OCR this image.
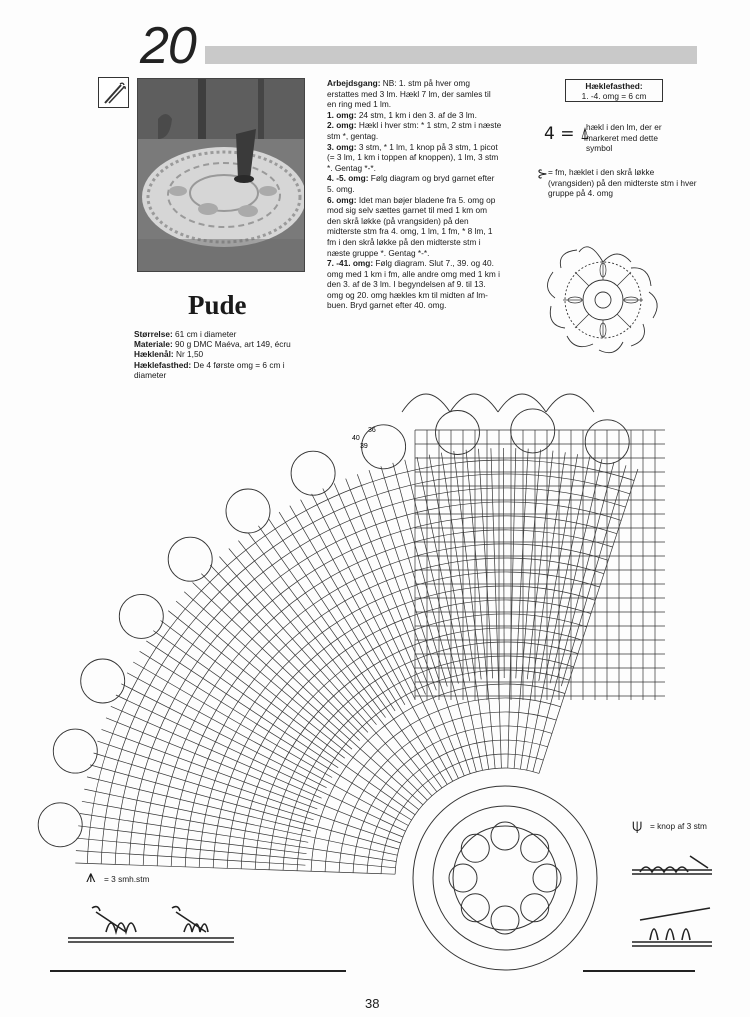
20
Pude
Størrelse: 61 cm i diameter
Materiale: 90 g DMC Maéva, art 149, écru
Hæklenål: Nr 1,50
Hæklefasthed: De 4 første omg = 6 cm i diameter
Arbejdsgang: NB: 1. stm på hver omg erstattes med 3 lm. Hækl 7 lm, der samles til en ring med 1 lm.
1. omg: 24 stm, 1 km i den 3. af de 3 lm.
2. omg: Hækl i hver stm: * 1 stm, 2 stm i næste stm *, gentag.
3. omg: 3 stm, * 1 lm, 1 knop på 3 stm, 1 picot (= 3 lm, 1 km i toppen af knoppen), 1 lm, 3 stm *. Gentag *-*.
4. -5. omg: Følg diagram og bryd garnet efter 5. omg.
6. omg: Idet man bøjer bladene fra 5. omg op mod sig selv sættes garnet til med 1 km om den skrå løkke (på vrangsiden) på den midterste stm fra 4. omg, 1 lm, 1 fm, * 8 lm, 1 fm i den skrå løkke på den midterste stm i næste gruppe *. Gentag *-*.
7. -41. omg: Følg diagram. Slut 7., 39. og 40. omg med 1 km i fm, alle andre omg med 1 km i den 3. af de 3 lm. I begyndelsen af 9. til 13. omg og 20. omg hækles km til midten af lm-buen. Bryd garnet efter 40. omg.
Hæklefasthed:
1. -4. omg = 6 cm
4 = ⍋
hækl i den lm, der er markeret med dette symbol
⊱ = fm, hæklet i den skrå løkke (vrangsiden) på den midterste stm i hver gruppe på 4. omg
40
39
36
⍦ = knop af 3 stm
⩚ = 3 smh.stm
38
